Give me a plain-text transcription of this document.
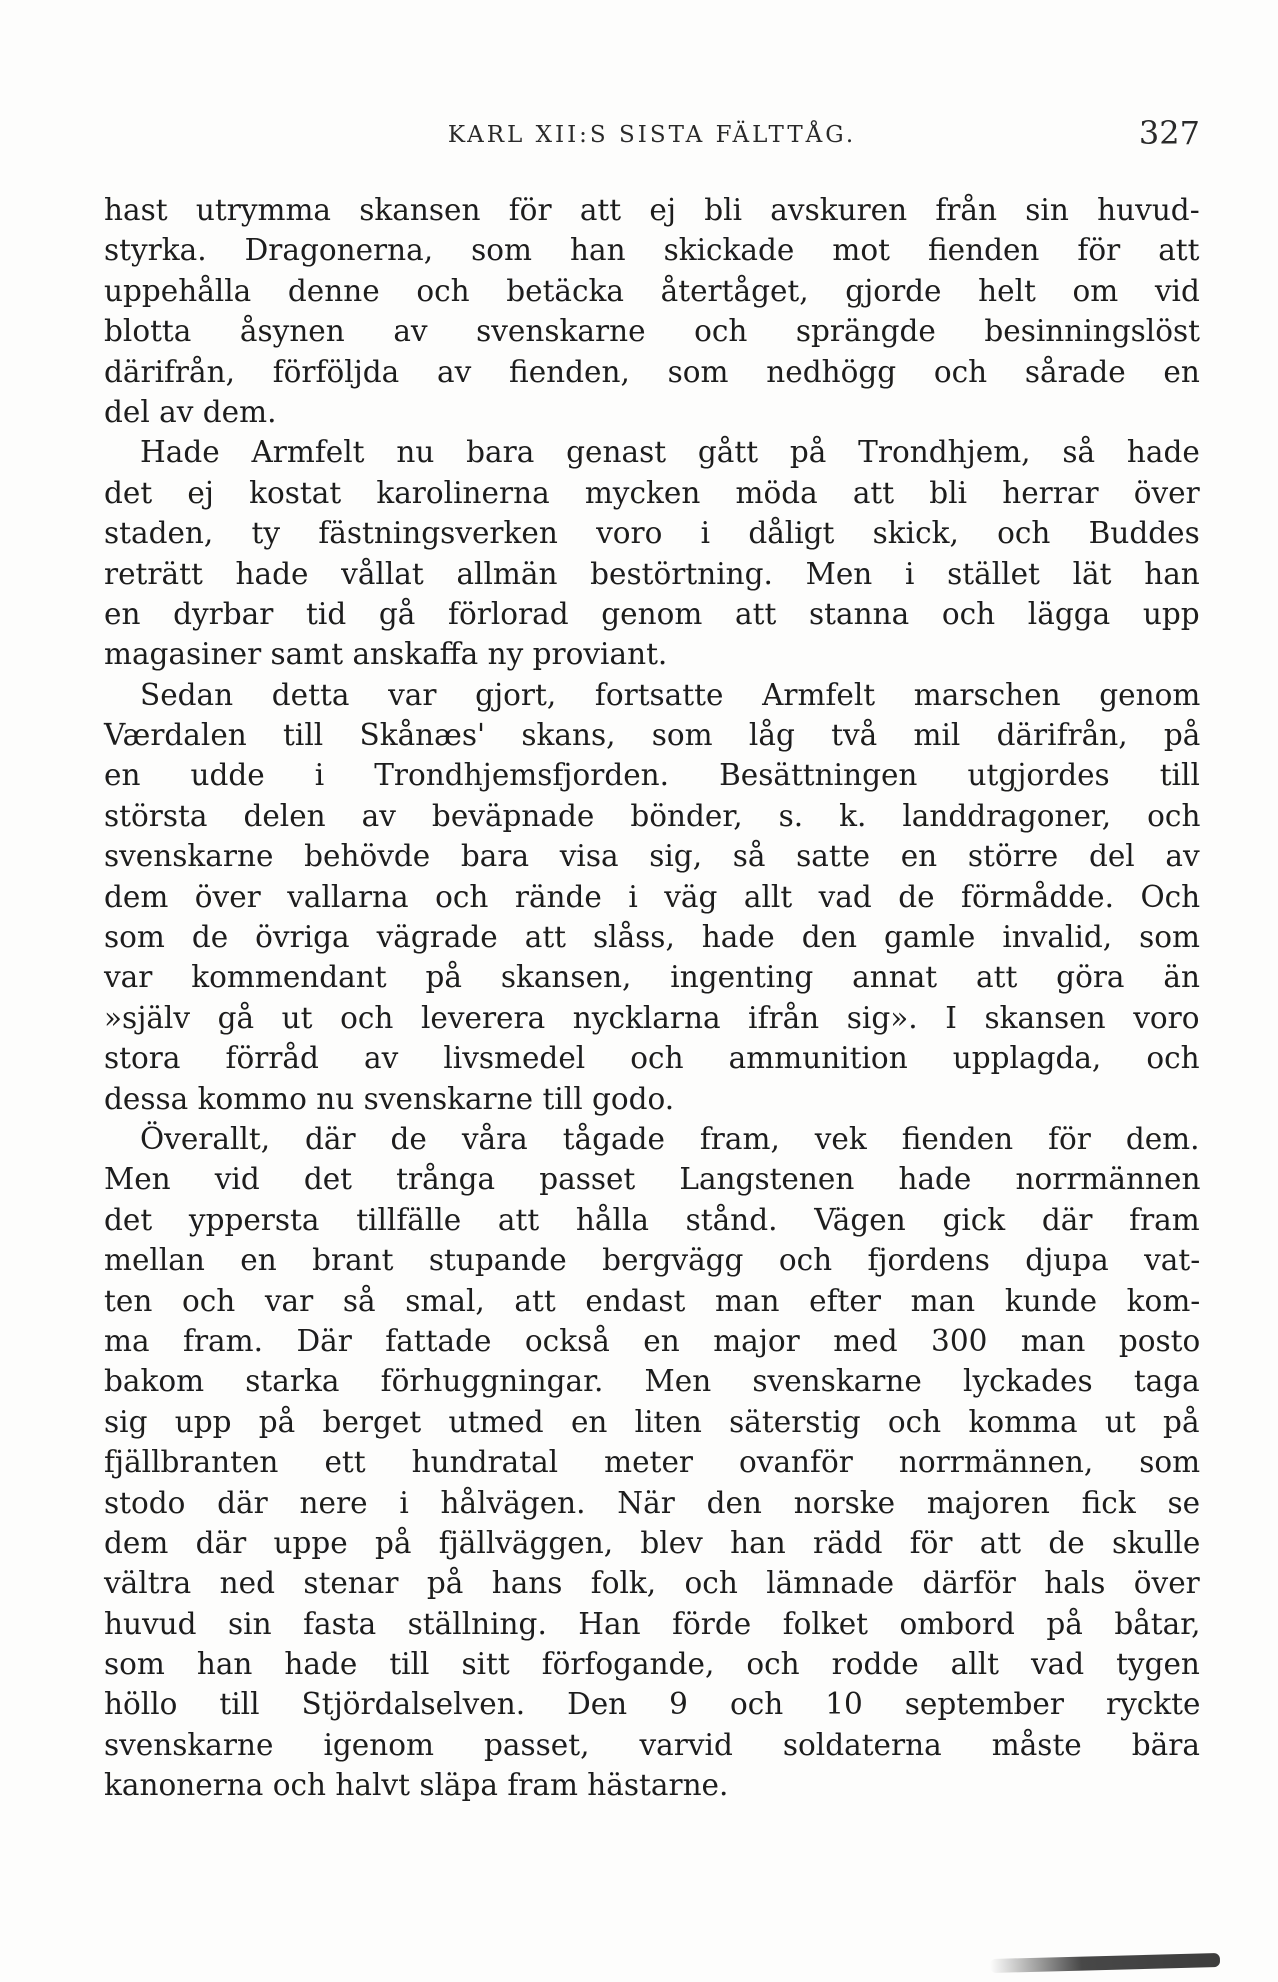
KARL XII:S SISTA FÄLTTÅG.	327
hast utrymma skansen för att ej bli avskuren från sin huvud-
styrka. Dragonerna, som han skickade mot fienden för att
uppehålla denne och betäcka återtåget, gjorde helt om vid
blotta åsynen av svenskarne och sprängde besinningslöst
därifrån, förföljda av fienden, som nedhögg och sårade en
del av dem.
Hade Armfelt nu bara genast gått på Trondhjem, så hade
det ej kostat karolinerna mycken möda att bli herrar över
staden, ty fästningsverken voro i dåligt skick, och Buddes
reträtt hade vållat allmän bestörtning. Men i stället lät han
en dyrbar tid gå förlorad genom att stanna och lägga upp
magasiner samt anskaffa ny proviant.
Sedan detta var gjort, fortsatte Armfelt marschen genom
Værdalen till Skånæs' skans, som låg två mil därifrån, på
en udde i Trondhjemsfjorden. Besättningen utgjordes till
största delen av beväpnade bönder, s. k. landdragoner, och
svenskarne behövde bara visa sig, så satte en större del av
dem över vallarna och rände i väg allt vad de förmådde. Och
som de övriga vägrade att slåss, hade den gamle invalid, som
var kommendant på skansen, ingenting annat att göra än
»själv gå ut och leverera nycklarna ifrån sig». I skansen voro
stora förråd av livsmedel och ammunition upplagda, och
dessa kommo nu svenskarne till godo.
Överallt, där de våra tågade fram, vek fienden för dem.
Men vid det trånga passet Langstenen hade norrmännen
det yppersta tillfälle att hålla stånd. Vägen gick där fram
mellan en brant stupande bergvägg och fjordens djupa vat-
ten och var så smal, att endast man efter man kunde kom-
ma fram. Där fattade också en major med 300 man posto
bakom starka förhuggningar. Men svenskarne lyckades taga
sig upp på berget utmed en liten säterstig och komma ut på
fjällbranten ett hundratal meter ovanför norrmännen, som
stodo där nere i hålvägen. När den norske majoren fick se
dem där uppe på fjällväggen, blev han rädd för att de skulle
vältra ned stenar på hans folk, och lämnade därför hals över
huvud sin fasta ställning. Han förde folket ombord på båtar,
som han hade till sitt förfogande, och rodde allt vad tygen
höllo till Stjördalselven. Den 9 och 10 september ryckte
svenskarne igenom passet, varvid soldaterna måste bära
kanonerna och halvt släpa fram hästarne.
